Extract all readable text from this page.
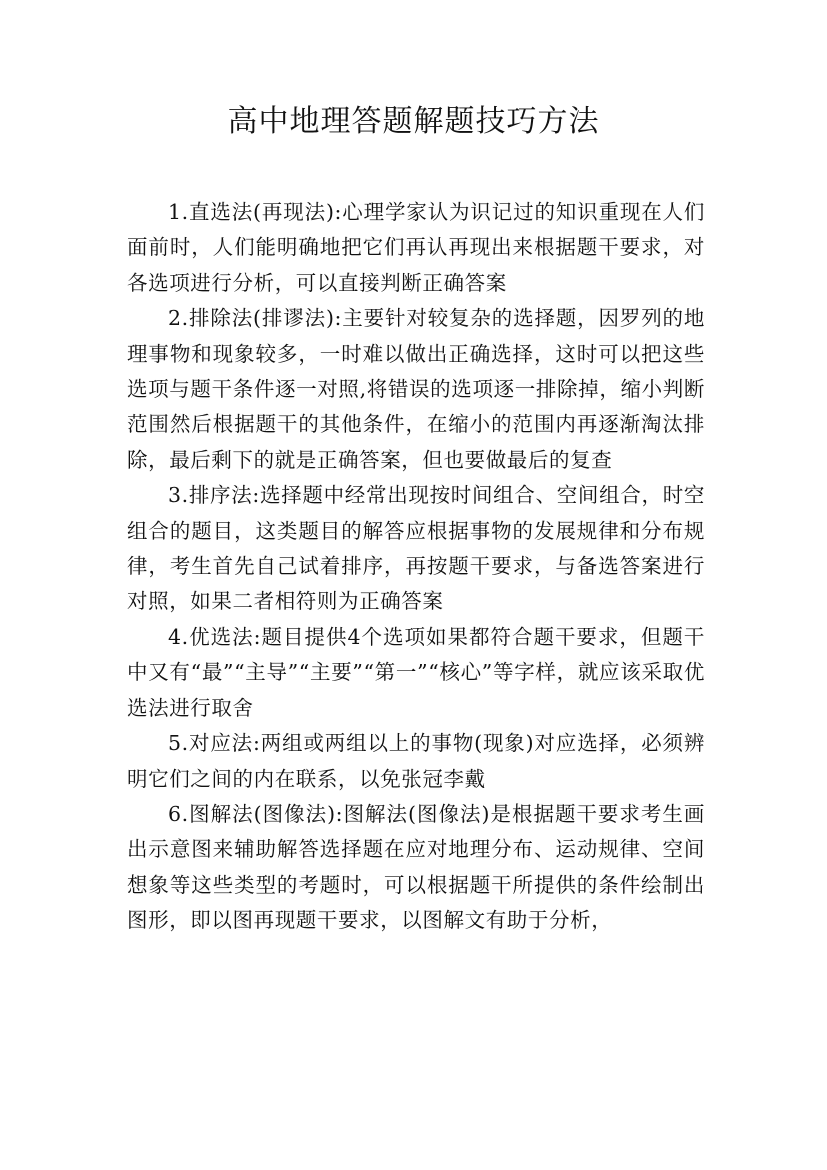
高中地理答题解题技巧方法

1.直选法(再现法):心理学家认为识记过的知识重现在人们面前时，人们能明确地把它们再认再现出来根据题干要求，对各选项进行分析，可以直接判断正确答案

2.排除法(排谬法):主要针对较复杂的选择题，因罗列的地理事物和现象较多，一时难以做出正确选择，这时可以把这些选项与题干条件逐一对照,将错误的选项逐一排除掉，缩小判断范围然后根据题干的其他条件，在缩小的范围内再逐渐淘汰排除，最后剩下的就是正确答案，但也要做最后的复查

3.排序法:选择题中经常出现按时间组合、空间组合，时空组合的题目，这类题目的解答应根据事物的发展规律和分布规律，考生首先自己试着排序，再按题干要求，与备选答案进行对照，如果二者相符则为正确答案

4.优选法:题目提供4个选项如果都符合题干要求，但题干中又有“最”“主导”“主要”“第一”“核心”等字样，就应该采取优选法进行取舍

5.对应法:两组或两组以上的事物(现象)对应选择，必须辨明它们之间的内在联系，以免张冠李戴

6.图解法(图像法):图解法(图像法)是根据题干要求考生画出示意图来辅助解答选择题在应对地理分布、运动规律、空间想象等这些类型的考题时，可以根据题干所提供的条件绘制出图形，即以图再现题干要求，以图解文有助于分析，
